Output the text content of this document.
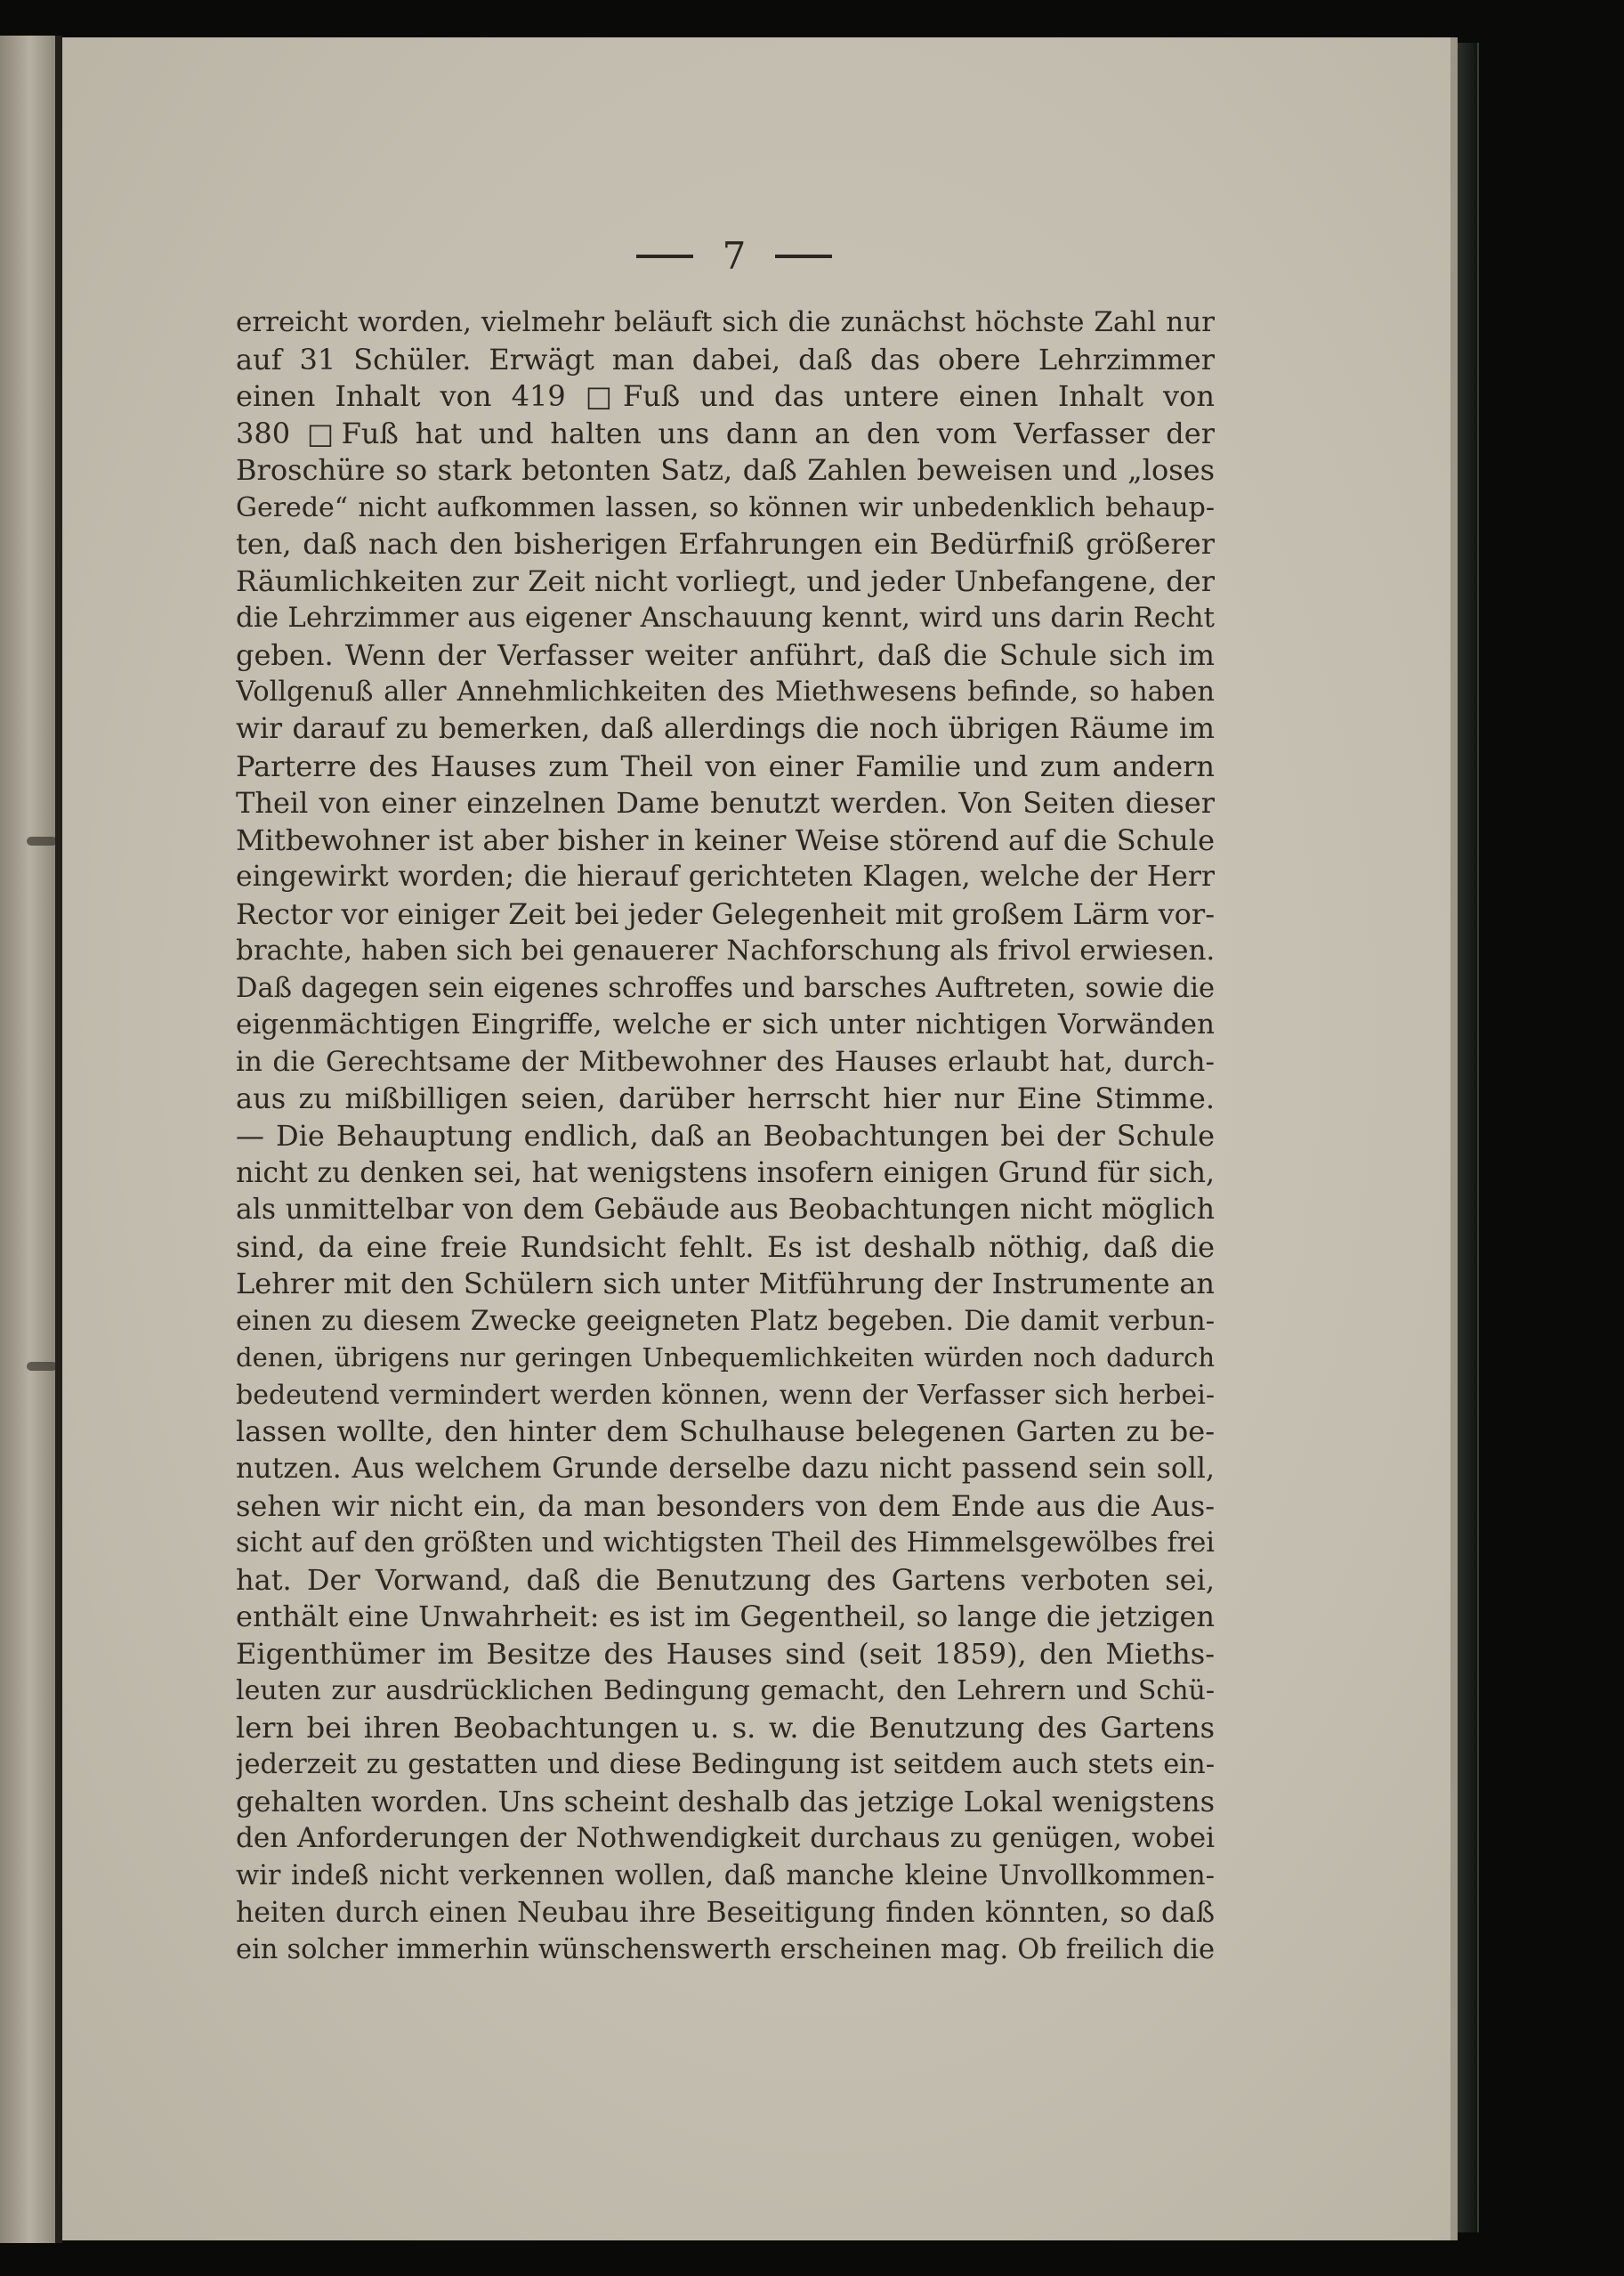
7
erreicht worden, vielmehr beläuft sich die zunächst höchste Zahl nur
auf 31 Schüler. Erwägt man dabei, daß das obere Lehrzimmer
einen Inhalt von 419 □Fuß und das untere einen Inhalt von
380 □Fuß hat und halten uns dann an den vom Verfasser der
Broschüre so stark betonten Satz, daß Zahlen beweisen und „loses
Gerede“ nicht aufkommen lassen, so können wir unbedenklich behaup-
ten, daß nach den bisherigen Erfahrungen ein Bedürfniß größerer
Räumlichkeiten zur Zeit nicht vorliegt, und jeder Unbefangene, der
die Lehrzimmer aus eigener Anschauung kennt, wird uns darin Recht
geben. Wenn der Verfasser weiter anführt, daß die Schule sich im
Vollgenuß aller Annehmlichkeiten des Miethwesens befinde, so haben
wir darauf zu bemerken, daß allerdings die noch übrigen Räume im
Parterre des Hauses zum Theil von einer Familie und zum andern
Theil von einer einzelnen Dame benutzt werden. Von Seiten dieser
Mitbewohner ist aber bisher in keiner Weise störend auf die Schule
eingewirkt worden; die hierauf gerichteten Klagen, welche der Herr
Rector vor einiger Zeit bei jeder Gelegenheit mit großem Lärm vor-
brachte, haben sich bei genauerer Nachforschung als frivol erwiesen.
Daß dagegen sein eigenes schroffes und barsches Auftreten, sowie die
eigenmächtigen Eingriffe, welche er sich unter nichtigen Vorwänden
in die Gerechtsame der Mitbewohner des Hauses erlaubt hat, durch-
aus zu mißbilligen seien, darüber herrscht hier nur Eine Stimme.
— Die Behauptung endlich, daß an Beobachtungen bei der Schule
nicht zu denken sei, hat wenigstens insofern einigen Grund für sich,
als unmittelbar von dem Gebäude aus Beobachtungen nicht möglich
sind, da eine freie Rundsicht fehlt. Es ist deshalb nöthig, daß die
Lehrer mit den Schülern sich unter Mitführung der Instrumente an
einen zu diesem Zwecke geeigneten Platz begeben. Die damit verbun-
denen, übrigens nur geringen Unbequemlichkeiten würden noch dadurch
bedeutend vermindert werden können, wenn der Verfasser sich herbei-
lassen wollte, den hinter dem Schulhause belegenen Garten zu be-
nutzen. Aus welchem Grunde derselbe dazu nicht passend sein soll,
sehen wir nicht ein, da man besonders von dem Ende aus die Aus-
sicht auf den größten und wichtigsten Theil des Himmelsgewölbes frei
hat. Der Vorwand, daß die Benutzung des Gartens verboten sei,
enthält eine Unwahrheit: es ist im Gegentheil, so lange die jetzigen
Eigenthümer im Besitze des Hauses sind (seit 1859), den Mieths-
leuten zur ausdrücklichen Bedingung gemacht, den Lehrern und Schü-
lern bei ihren Beobachtungen u. s. w. die Benutzung des Gartens
jederzeit zu gestatten und diese Bedingung ist seitdem auch stets ein-
gehalten worden. Uns scheint deshalb das jetzige Lokal wenigstens
den Anforderungen der Nothwendigkeit durchaus zu genügen, wobei
wir indeß nicht verkennen wollen, daß manche kleine Unvollkommen-
heiten durch einen Neubau ihre Beseitigung finden könnten, so daß
ein solcher immerhin wünschenswerth erscheinen mag. Ob freilich die
